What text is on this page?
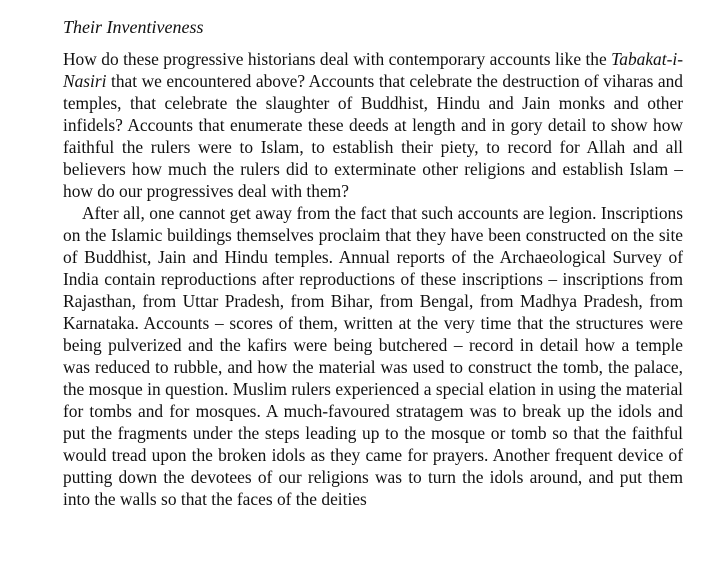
Their Inventiveness

How do these progressive historians deal with contemporary accounts like the Tabakat-i-Nasiri that we encountered above? Accounts that celebrate the destruction of viharas and temples, that celebrate the slaughter of Buddhist, Hindu and Jain monks and other infidels? Accounts that enumerate these deeds at length and in gory detail to show how faithful the rulers were to Islam, to establish their piety, to record for Allah and all believers how much the rulers did to exterminate other religions and establish Islam – how do our progressives deal with them?

After all, one cannot get away from the fact that such accounts are legion. Inscriptions on the Islamic buildings themselves proclaim that they have been constructed on the site of Buddhist, Jain and Hindu temples. Annual reports of the Archaeological Survey of India contain reproductions after reproductions of these inscriptions – inscriptions from Rajasthan, from Uttar Pradesh, from Bihar, from Bengal, from Madhya Pradesh, from Karnataka. Accounts – scores of them, written at the very time that the structures were being pulverized and the kafirs were being butchered – record in detail how a temple was reduced to rubble, and how the material was used to construct the tomb, the palace, the mosque in question. Muslim rulers experienced a special elation in using the material for tombs and for mosques. A much-favoured stratagem was to break up the idols and put the fragments under the steps leading up to the mosque or tomb so that the faithful would tread upon the broken idols as they came for prayers. Another frequent device of putting down the devotees of our religions was to turn the idols around, and put them into the walls so that the faces of the deities
